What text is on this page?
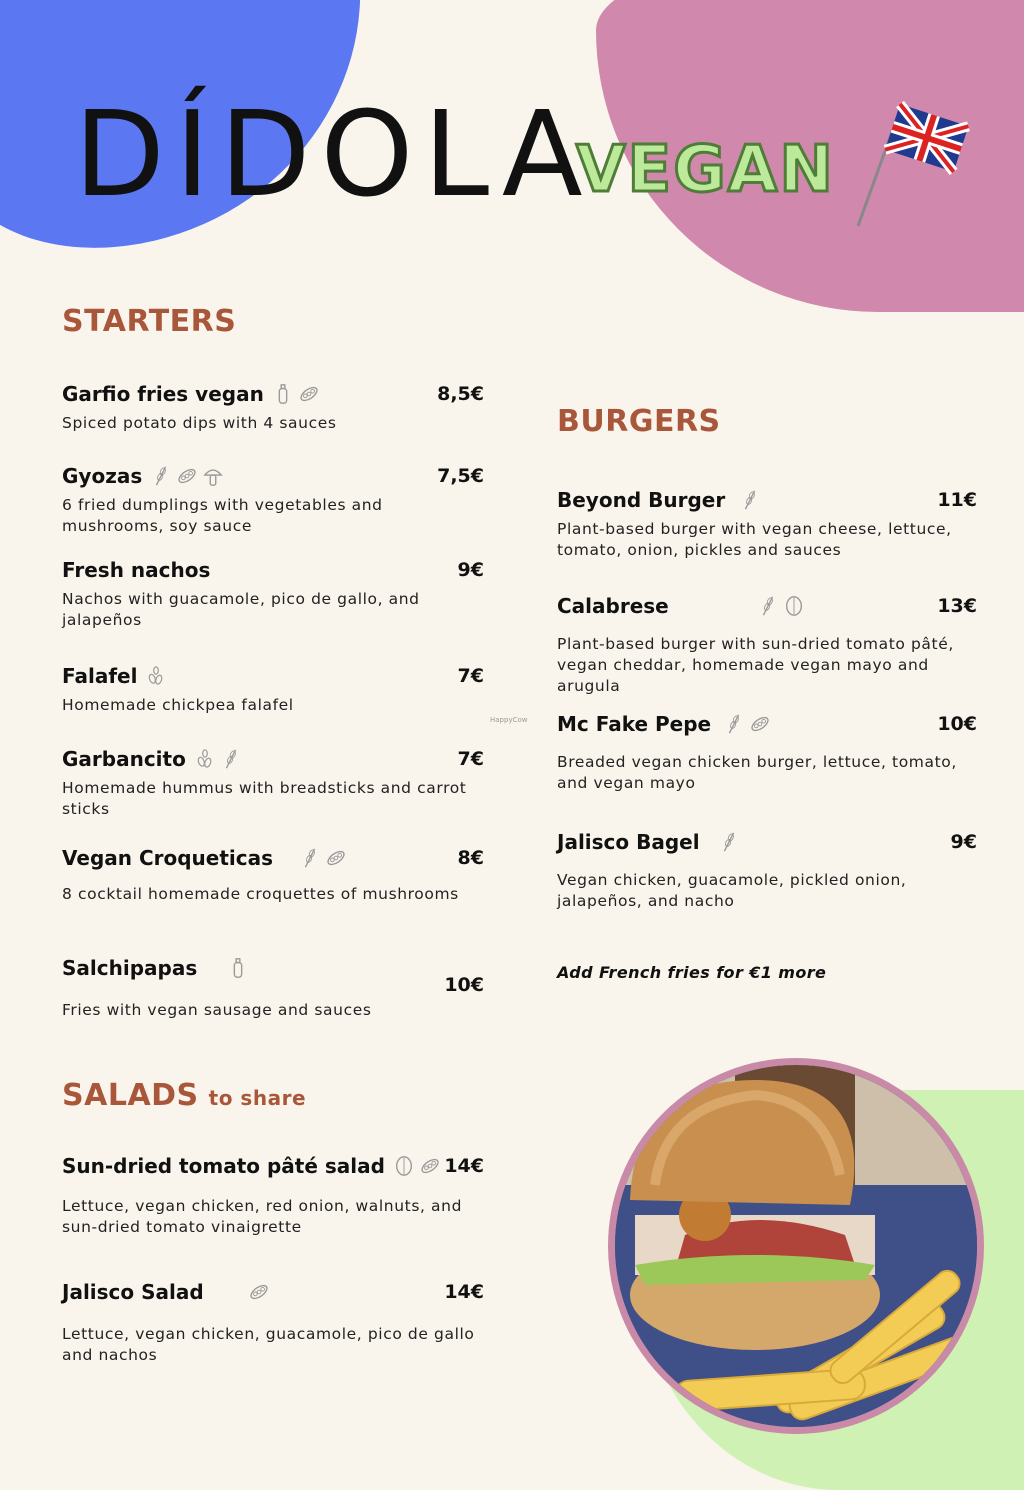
DÍDOLA
VEGAN
STARTERS
BURGERS
SALADS to share
Garfio fries vegan	8,5€
Spiced potato dips with 4 sauces
Gyozas	7,5€
6 fried dumplings with vegetables and mushrooms, soy sauce
Fresh nachos	9€
Nachos with guacamole, pico de gallo, and jalapeños
Falafel	7€
Homemade chickpea falafel
Garbancito	7€
Homemade hummus with breadsticks and carrot sticks
Vegan Croqueticas	8€
8 cocktail homemade croquettes of mushrooms
Salchipapas
10€
Fries with vegan sausage and sauces
Beyond Burger	11€
Plant-based burger with vegan cheese, lettuce, tomato, onion, pickles and sauces
Calabrese	13€
Plant-based burger with sun-dried tomato pâté, vegan cheddar, homemade vegan mayo and arugula
Mc Fake Pepe	10€
Breaded vegan chicken burger, lettuce, tomato, and vegan mayo
Jalisco Bagel	9€
Vegan chicken, guacamole, pickled onion, jalapeños, and nacho
Add French fries for €1 more
HappyCow
Sun-dried tomato pâté salad	14€
Lettuce, vegan chicken, red onion, walnuts, and sun-dried tomato vinaigrette
Jalisco Salad	14€
Lettuce, vegan chicken, guacamole, pico de gallo and nachos
